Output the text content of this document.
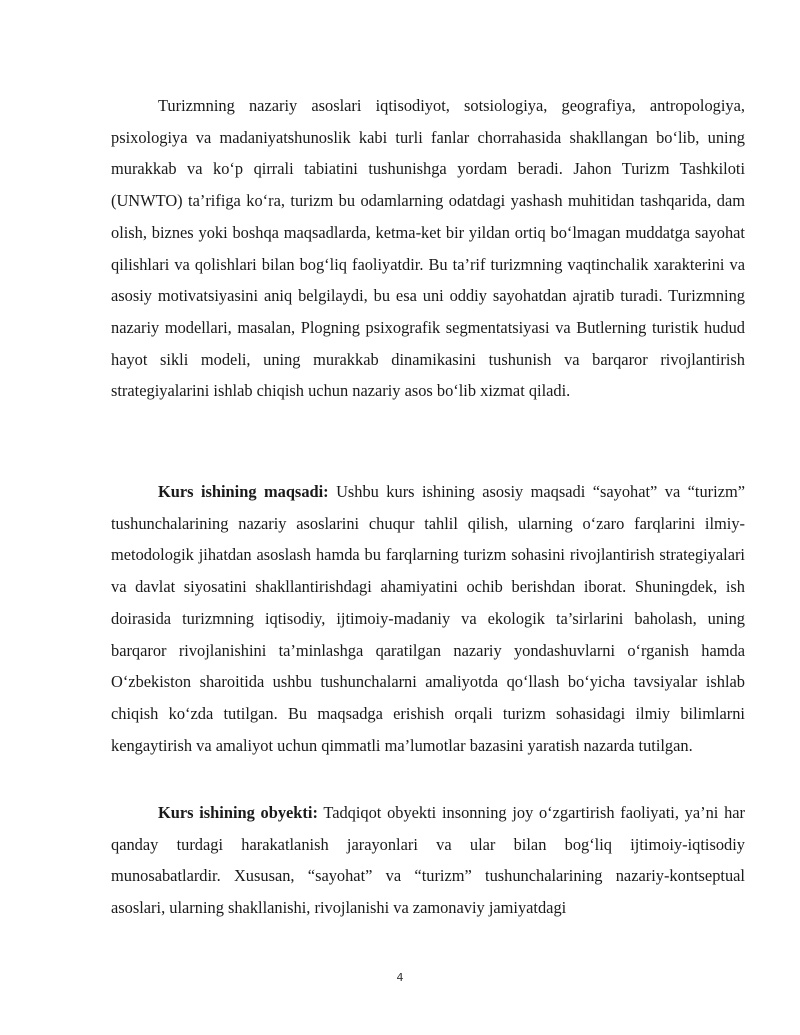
Turizmning nazariy asoslari iqtisodiyot, sotsiologiya, geografiya, antropologiya, psixologiya va madaniyatshunoslik kabi turli fanlar chorrahasida shakllangan bo‘lib, uning murakkab va ko‘p qirrali tabiatini tushunishga yordam beradi. Jahon Turizm Tashkiloti (UNWTO) ta’rifiga ko‘ra, turizm bu odamlarning odatdagi yashash muhitidan tashqarida, dam olish, biznes yoki boshqa maqsadlarda, ketma-ket bir yildan ortiq bo‘lmagan muddatga sayohat qilishlari va qolishlari bilan bog‘liq faoliyatdir. Bu ta’rif turizmning vaqtinchalik xarakterini va asosiy motivatsiyasini aniq belgilaydi, bu esa uni oddiy sayohatdan ajratib turadi. Turizmning nazariy modellari, masalan, Plogning psixografik segmentatsiyasi va Butlerning turistik hudud hayot sikli modeli, uning murakkab dinamikasini tushunish va barqaror rivojlantirish strategiyalarini ishlab chiqish uchun nazariy asos bo‘lib xizmat qiladi.

Kurs ishining maqsadi: Ushbu kurs ishining asosiy maqsadi “sayohat” va “turizm” tushunchalarining nazariy asoslarini chuqur tahlil qilish, ularning o‘zaro farqlarini ilmiy-metodologik jihatdan asoslash hamda bu farqlarning turizm sohasini rivojlantirish strategiyalari va davlat siyosatini shakllantirishdagi ahamiyatini ochib berishdan iborat. Shuningdek, ish doirasida turizmning iqtisodiy, ijtimoiy-madaniy va ekologik ta’sirlarini baholash, uning barqaror rivojlanishini ta’minlashga qaratilgan nazariy yondashuvlarni o‘rganish hamda O‘zbekiston sharoitida ushbu tushunchalarni amaliyotda qo‘llash bo‘yicha tavsiyalar ishlab chiqish ko‘zda tutilgan. Bu maqsadga erishish orqali turizm sohasidagi ilmiy bilimlarni kengaytirish va amaliyot uchun qimmatli ma’lumotlar bazasini yaratish nazarda tutilgan.

Kurs ishining obyekti: Tadqiqot obyekti insonning joy o‘zgartirish faoliyati, ya’ni har qanday turdagi harakatlanish jarayonlari va ular bilan bog‘liq ijtimoiy-iqtisodiy munosabatlardir. Xususan, “sayohat” va “turizm” tushunchalarining nazariy-kontseptual asoslari, ularning shakllanishi, rivojlanishi va zamonaviy jamiyatdagi

4
